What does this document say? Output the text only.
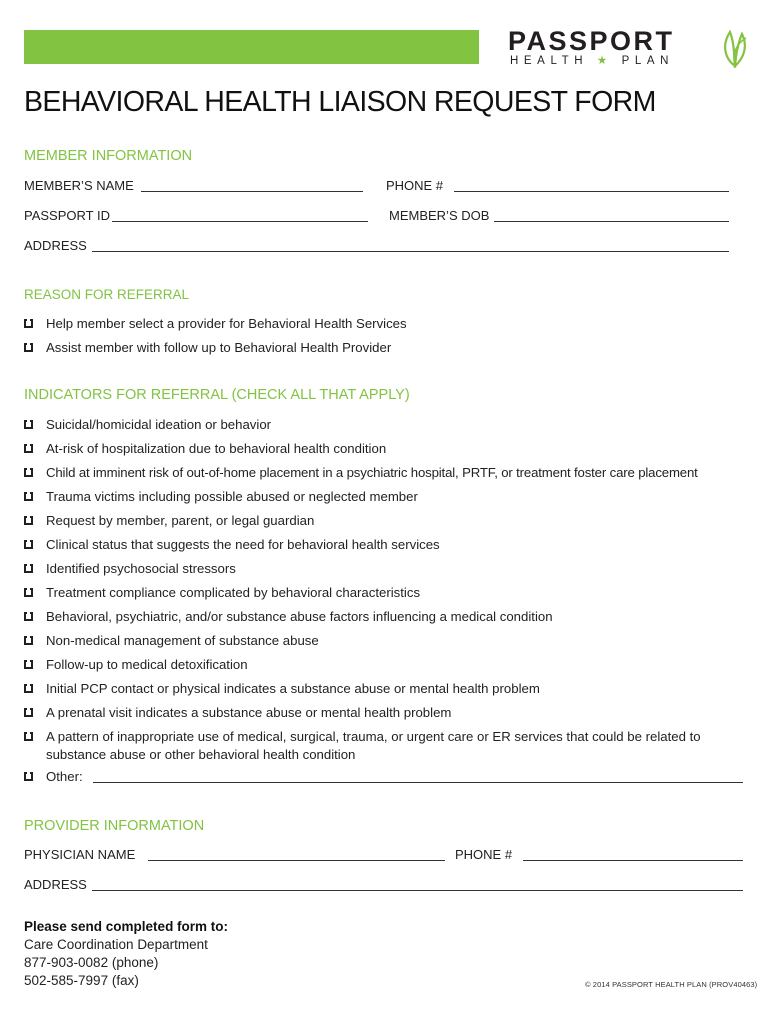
PASSPORT
HEALTH ★ PLAN
BEHAVIORAL HEALTH LIAISON REQUEST FORM
MEMBER INFORMATION
MEMBER’S NAME	PHONE #
PASSPORT ID	MEMBER’S DOB
ADDRESS
REASON FOR REFERRAL
Help member select a provider for Behavioral Health Services
Assist member with follow up to Behavioral Health Provider
INDICATORS FOR REFERRAL (CHECK ALL THAT APPLY)
Suicidal/homicidal ideation or behavior
At-risk of hospitalization due to behavioral health condition
Child at imminent risk of out-of-home placement in a psychiatric hospital, PRTF, or treatment foster care placement
Trauma victims including possible abused or neglected member
Request by member, parent, or legal guardian
Clinical status that suggests the need for behavioral health services
Identified psychosocial stressors
Treatment compliance complicated by behavioral characteristics
Behavioral, psychiatric, and/or substance abuse factors influencing a medical condition
Non-medical management of substance abuse
Follow-up to medical detoxification
Initial PCP contact or physical indicates a substance abuse or mental health problem
A prenatal visit indicates a substance abuse or mental health problem
A pattern of inappropriate use of medical, surgical, trauma, or urgent care or ER services that could be related to substance abuse or other behavioral health condition
Other:
PROVIDER INFORMATION
PHYSICIAN NAME	PHONE #
ADDRESS
Please send completed form to:
Care Coordination Department
877-903-0082 (phone)
502-585-7997 (fax)	© 2014 PASSPORT HEALTH PLAN (PROV40463)
